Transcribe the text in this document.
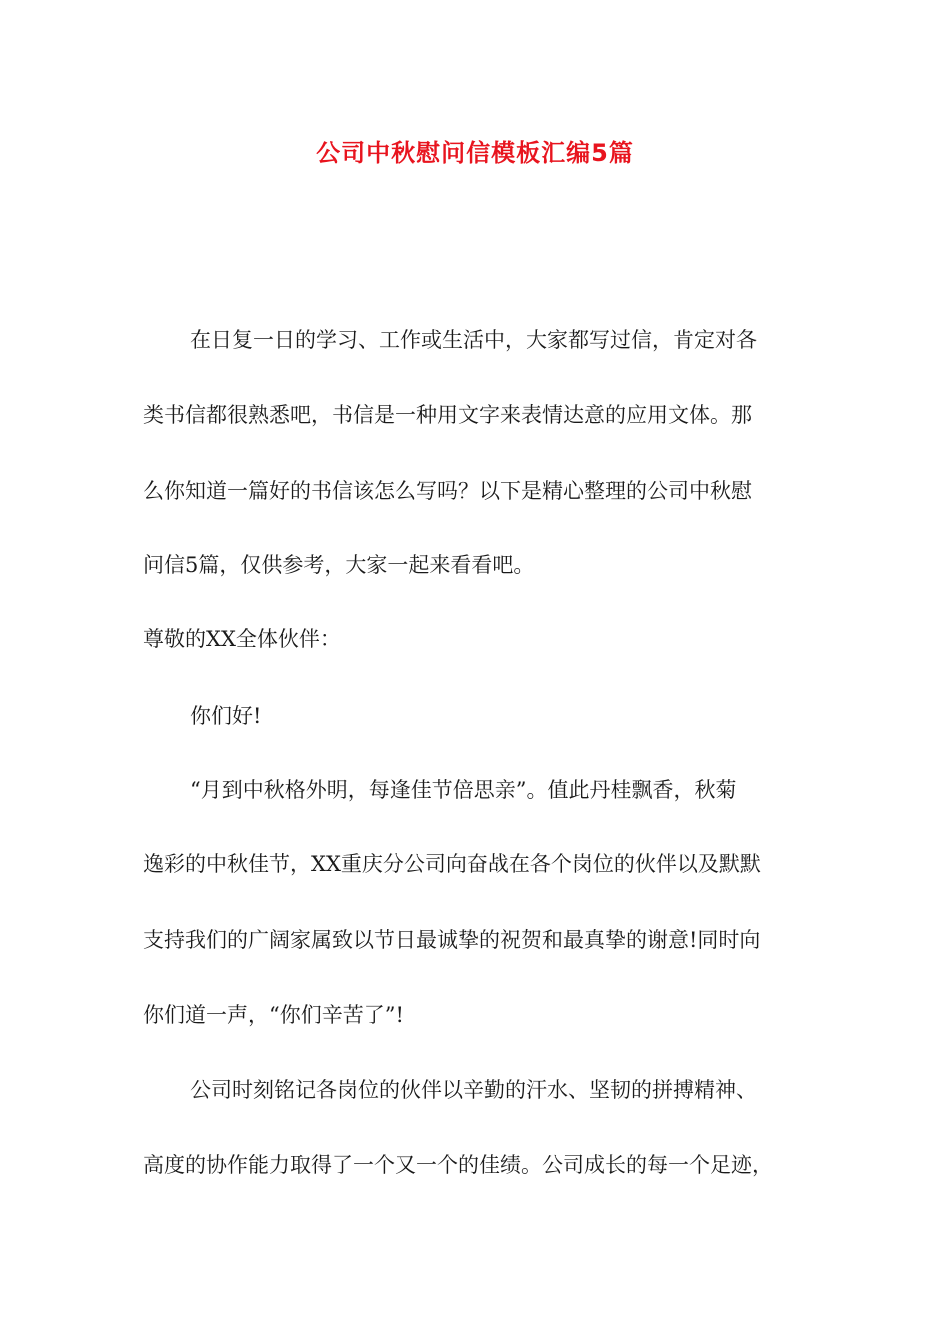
公司中秋慰问信模板汇编5篇

在日复一日的学习、工作或生活中，大家都写过信，肯定对各

类书信都很熟悉吧，书信是一种用文字来表情达意的应用文体。那

么你知道一篇好的书信该怎么写吗？以下是精心整理的公司中秋慰

问信5篇，仅供参考，大家一起来看看吧。

尊敬的XX全体伙伴：

你们好!

“月到中秋格外明，每逢佳节倍思亲”。值此丹桂飘香，秋菊

逸彩的中秋佳节，XX重庆分公司向奋战在各个岗位的伙伴以及默默

支持我们的广阔家属致以节日最诚挚的祝贺和最真挚的谢意!同时向

你们道一声，“你们辛苦了”!

公司时刻铭记各岗位的伙伴以辛勤的汗水、坚韧的拼搏精神、

高度的协作能力取得了一个又一个的佳绩。公司成长的每一个足迹，
